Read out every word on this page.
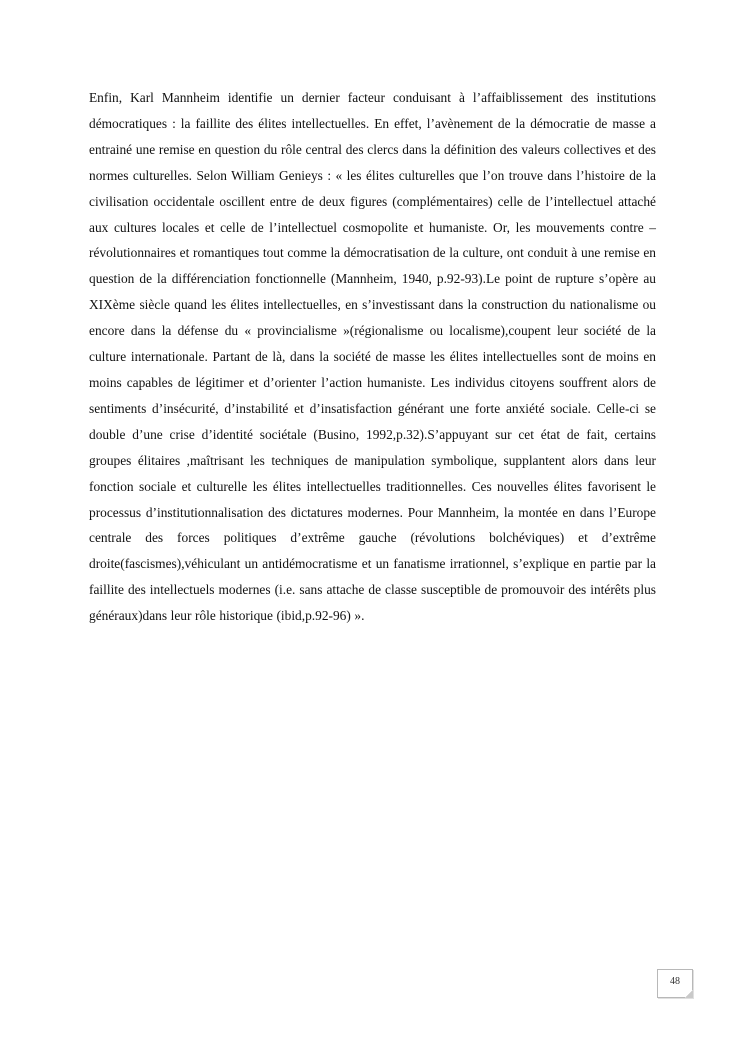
Enfin, Karl Mannheim identifie un dernier facteur conduisant à l’affaiblissement des institutions démocratiques : la faillite des élites intellectuelles. En effet, l’avènement de la démocratie de masse a entrainé une remise en question du rôle central des clercs dans la définition des valeurs collectives et des normes culturelles. Selon William Genieys : « les élites culturelles que l’on trouve dans l’histoire de la civilisation occidentale oscillent entre de deux figures (complémentaires) celle de l’intellectuel attaché aux cultures locales et celle de l’intellectuel cosmopolite et humaniste. Or, les mouvements contre –révolutionnaires et romantiques tout comme la démocratisation de la culture, ont conduit à une remise en question de la différenciation fonctionnelle (Mannheim, 1940, p.92-93).Le point de rupture s’opère au XIXème siècle quand les élites intellectuelles, en s’investissant dans la construction du nationalisme ou encore dans la défense du « provincialisme »(régionalisme ou localisme),coupent leur société de la culture internationale. Partant de là, dans la société de masse les élites intellectuelles sont de moins en moins capables de légitimer et d’orienter l’action humaniste. Les individus citoyens souffrent alors de sentiments d’insécurité, d’instabilité et d’insatisfaction générant une forte anxiété sociale. Celle-ci se double d’une crise d’identité sociétale (Busino, 1992,p.32).S’appuyant sur cet état de fait, certains groupes élitaires ,maîtrisant les techniques de manipulation symbolique, supplantent alors dans leur fonction sociale et culturelle les élites intellectuelles traditionnelles. Ces nouvelles élites favorisent le processus d’institutionnalisation des dictatures modernes. Pour Mannheim, la montée en dans l’Europe centrale des forces politiques d’extrême gauche (révolutions bolchéviques) et d’extrême droite(fascismes),véhiculant un antidémocratisme et un fanatisme irrationnel, s’explique en partie par la faillite des intellectuels modernes (i.e. sans attache de classe susceptible de promouvoir des intérêts plus généraux)dans leur rôle historique (ibid,p.92-96) ».

48
